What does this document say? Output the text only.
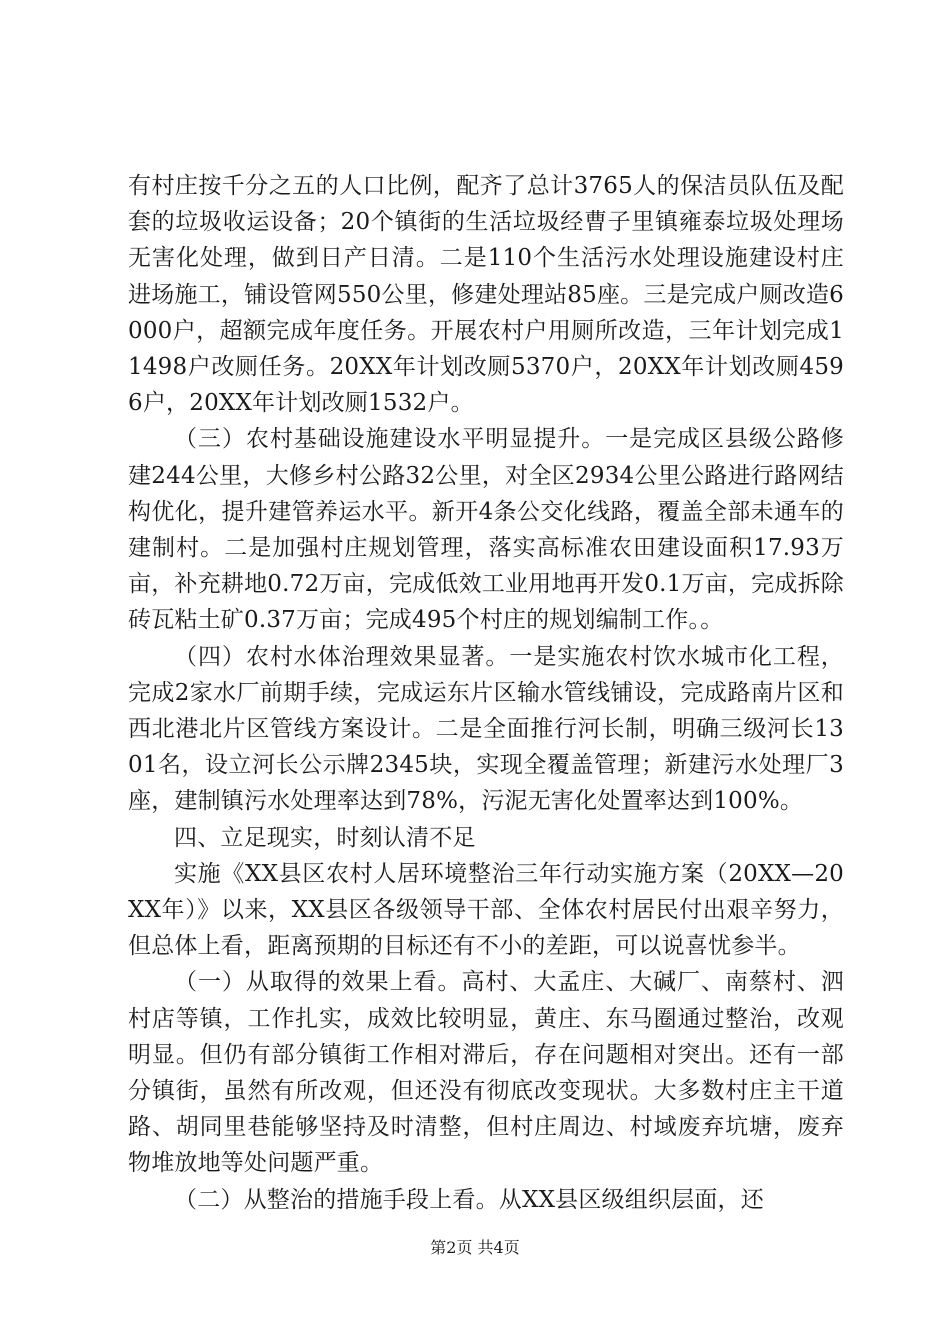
有村庄按千分之五的人口比例，配齐了总计3765人的保洁员队伍及配套的垃圾收运设备；20个镇街的生活垃圾经曹子里镇雍泰垃圾处理场无害化处理，做到日产日清。二是110个生活污水处理设施建设村庄进场施工，铺设管网550公里，修建处理站85座。三是完成户厕改造6000户，超额完成年度任务。开展农村户用厕所改造，三年计划完成11498户改厕任务。20XX年计划改厕5370户，20XX年计划改厕4596户，20XX年计划改厕1532户。

（三）农村基础设施建设水平明显提升。一是完成区县级公路修建244公里，大修乡村公路32公里，对全区2934公里公路进行路网结构优化，提升建管养运水平。新开4条公交化线路，覆盖全部未通车的建制村。二是加强村庄规划管理，落实高标准农田建设面积17.93万亩，补充耕地0.72万亩，完成低效工业用地再开发0.1万亩，完成拆除砖瓦粘土矿0.37万亩；完成495个村庄的规划编制工作。。

（四）农村水体治理效果显著。一是实施农村饮水城市化工程，完成2家水厂前期手续，完成运东片区输水管线铺设，完成路南片区和西北港北片区管线方案设计。二是全面推行河长制，明确三级河长1301名，设立河长公示牌2345块，实现全覆盖管理；新建污水处理厂3座，建制镇污水处理率达到78%，污泥无害化处置率达到100%。

四、立足现实，时刻认清不足

实施《XX县区农村人居环境整治三年行动实施方案（20XX—20XX年）》以来，XX县区各级领导干部、全体农村居民付出艰辛努力，但总体上看，距离预期的目标还有不小的差距，可以说喜忧参半。

（一）从取得的效果上看。高村、大孟庄、大碱厂、南蔡村、泗村店等镇，工作扎实，成效比较明显，黄庄、东马圈通过整治，改观明显。但仍有部分镇街工作相对滞后，存在问题相对突出。还有一部分镇街，虽然有所改观，但还没有彻底改变现状。大多数村庄主干道路、胡同里巷能够坚持及时清整，但村庄周边、村域废弃坑塘，废弃物堆放地等处问题严重。

（二）从整治的措施手段上看。从XX县区级组织层面，还

第2页 共4页
